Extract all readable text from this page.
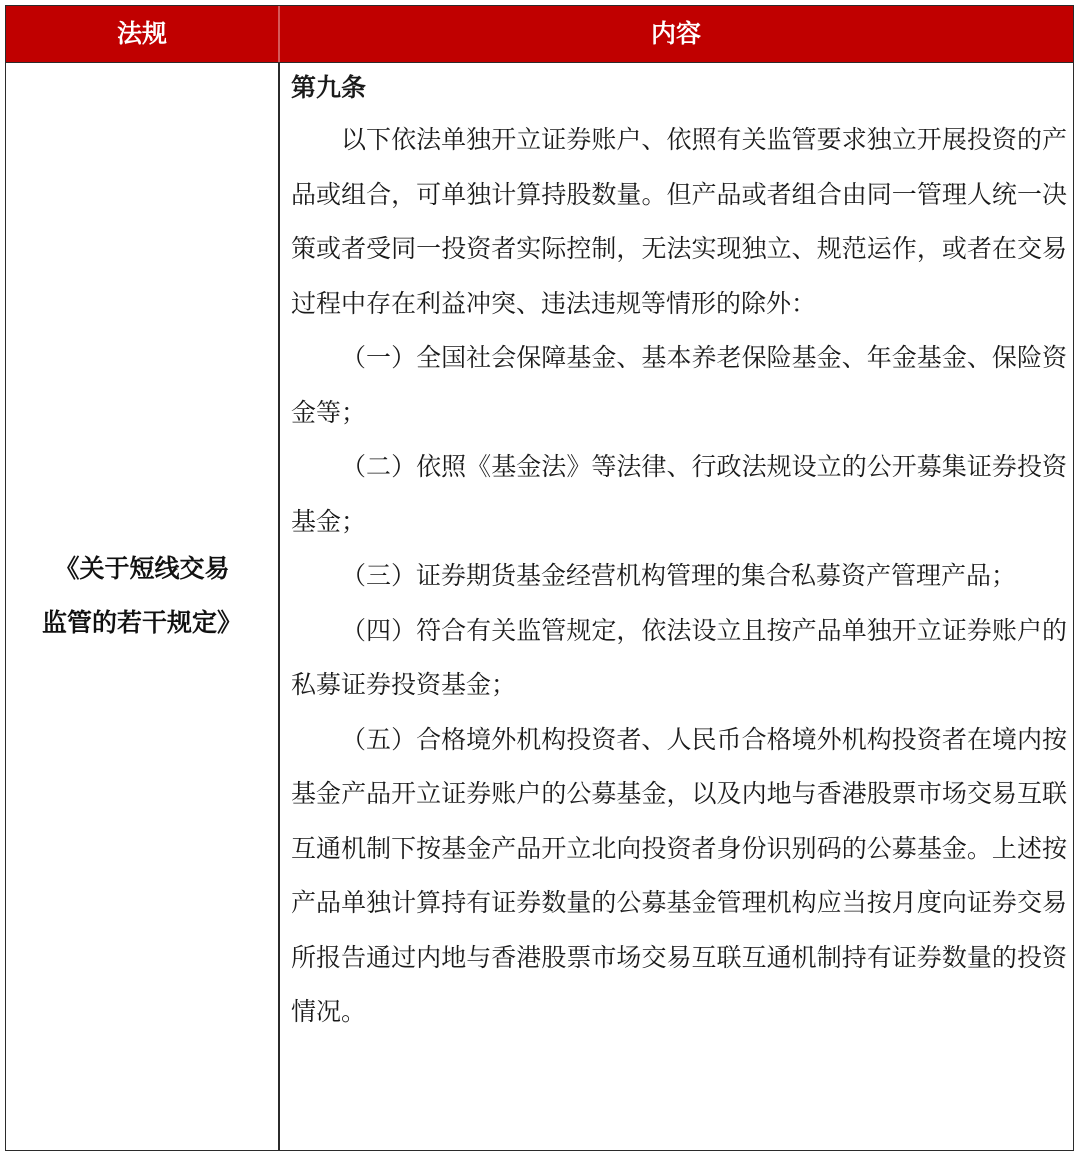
法规	内容
《关于短线交易
监管的若干规定》

第九条

以下依法单独开立证券账户、依照有关监管要求独立开展投资的产品或组合，可单独计算持股数量。但产品或者组合由同一管理人统一决策或者受同一投资者实际控制，无法实现独立、规范运作，或者在交易过程中存在利益冲突、违法违规等情形的除外：

（一）全国社会保障基金、基本养老保险基金、年金基金、保险资金等；

（二）依照《基金法》等法律、行政法规设立的公开募集证券投资基金；

（三）证券期货基金经营机构管理的集合私募资产管理产品；

（四）符合有关监管规定，依法设立且按产品单独开立证券账户的私募证券投资基金；

（五）合格境外机构投资者、人民币合格境外机构投资者在境内按基金产品开立证券账户的公募基金，以及内地与香港股票市场交易互联互通机制下按基金产品开立北向投资者身份识别码的公募基金。上述按产品单独计算持有证券数量的公募基金管理机构应当按月度向证券交易所报告通过内地与香港股票市场交易互联互通机制持有证券数量的投资情况。
